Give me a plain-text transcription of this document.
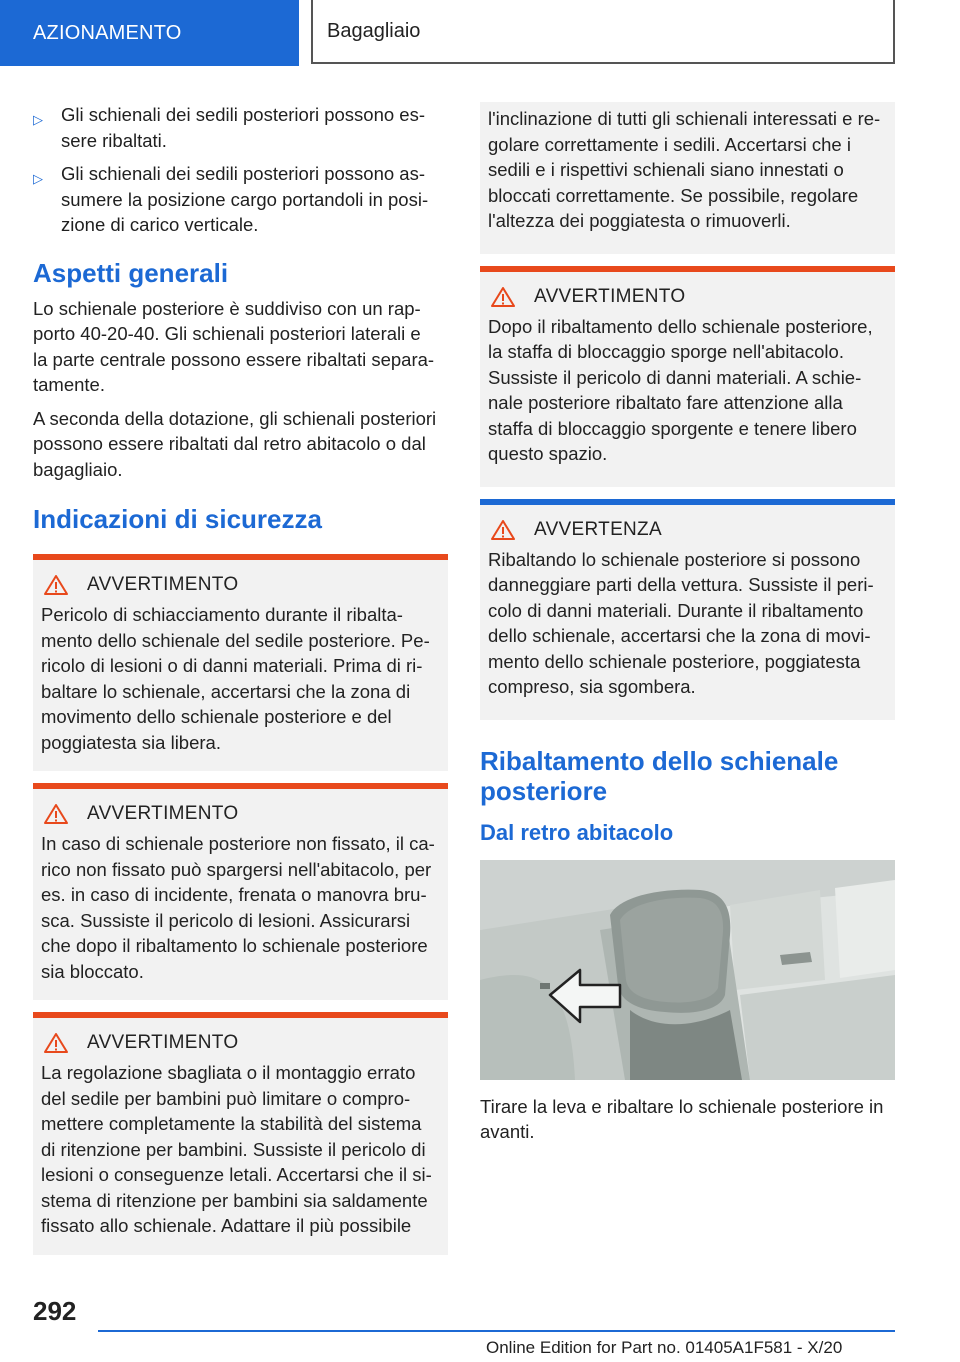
AZIONAMENTO	Bagagliaio
▷ Gli schienali dei sedili posteriori possono es-
sere ribaltati.
▷ Gli schienali dei sedili posteriori possono as-
sumere la posizione cargo portandoli in posi-
zione di carico verticale.
Aspetti generali

Lo schienale posteriore è suddiviso con un rap-
porto 40-20-40. Gli schienali posteriori laterali e
la parte centrale possono essere ribaltati separa-
tamente.

A seconda della dotazione, gli schienali posteriori
possono essere ribaltati dal retro abitacolo o dal
bagagliaio.

Indicazioni di sicurezza
AVVERTIMENTO

Pericolo di schiacciamento durante il ribalta-
mento dello schienale del sedile posteriore. Pe-
ricolo di lesioni o di danni materiali. Prima di ri-
baltare lo schienale, accertarsi che la zona di
movimento dello schienale posteriore e del
poggiatesta sia libera.

AVVERTIMENTO

In caso di schienale posteriore non fissato, il ca-
rico non fissato può spargersi nell'abitacolo, per
es. in caso di incidente, frenata o manovra bru-
sca. Sussiste il pericolo di lesioni. Assicurarsi
che dopo il ribaltamento lo schienale posteriore
sia bloccato.

AVVERTIMENTO

La regolazione sbagliata o il montaggio errato
del sedile per bambini può limitare o compro-
mettere completamente la stabilità del sistema
di ritenzione per bambini. Sussiste il pericolo di
lesioni o conseguenze letali. Accertarsi che il si-
stema di ritenzione per bambini sia saldamente
fissato allo schienale. Adattare il più possibile

l'inclinazione di tutti gli schienali interessati e re-
golare correttamente i sedili. Accertarsi che i
sedili e i rispettivi schienali siano innestati o
bloccati correttamente. Se possibile, regolare
l'altezza dei poggiatesta o rimuoverli.

AVVERTIMENTO

Dopo il ribaltamento dello schienale posteriore,
la staffa di bloccaggio sporge nell'abitacolo.
Sussiste il pericolo di danni materiali. A schie-
nale posteriore ribaltato fare attenzione alla
staffa di bloccaggio sporgente e tenere libero
questo spazio.

AVVERTENZA

Ribaltando lo schienale posteriore si possono
danneggiare parti della vettura. Sussiste il peri-
colo di danni materiali. Durante il ribaltamento
dello schienale, accertarsi che la zona di movi-
mento dello schienale posteriore, poggiatesta
compreso, sia sgombera.

Ribaltamento dello schienale
posteriore
Dal retro abitacolo

Tirare la leva e ribaltare lo schienale posteriore in
avanti.

292
Online Edition for Part no. 01405A1F581 - X/20
